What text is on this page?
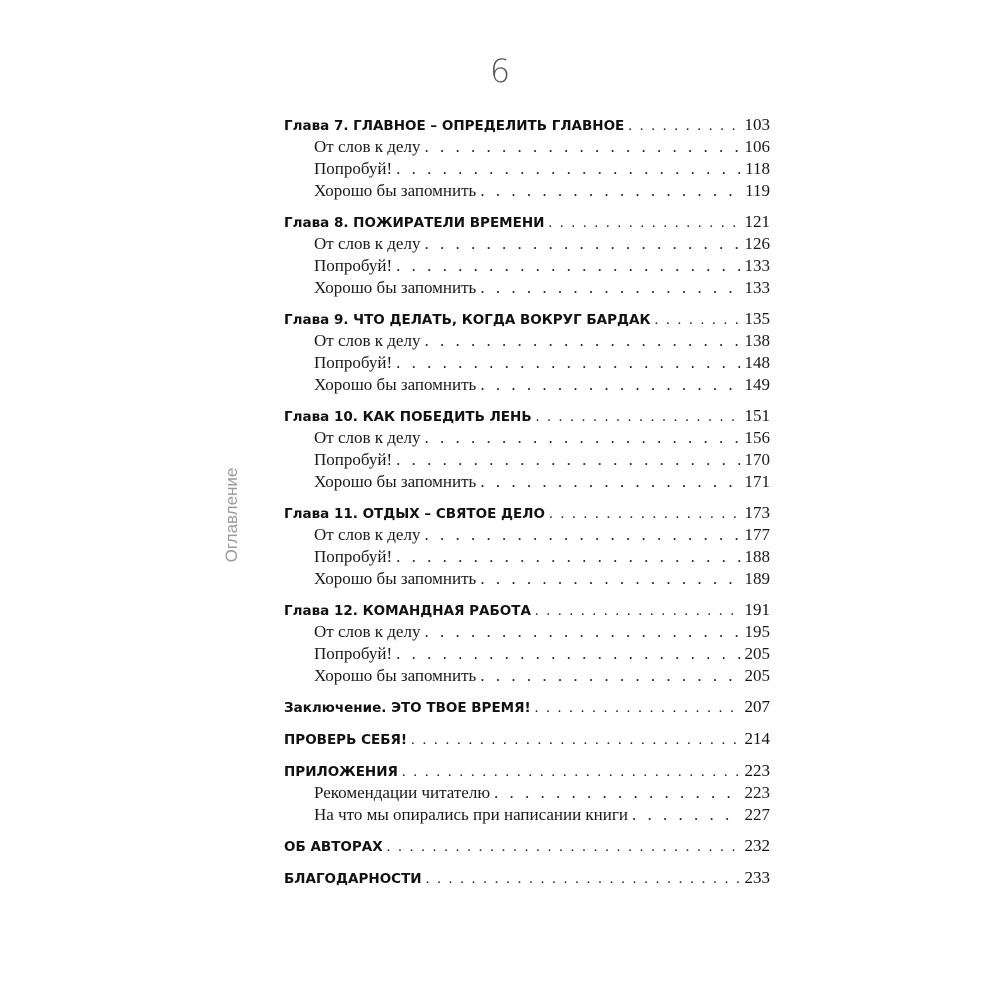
6
Оглавление
Глава 7. ГЛАВНОЕ – ОПРЕДЕЛИТЬ ГЛАВНОЕ . . .	103
От слов к делу . . .	106
Попробуй! . . .	118
Хорошо бы запомнить . . .	119
Глава 8. ПОЖИРАТЕЛИ ВРЕМЕНИ . . .	121
От слов к делу . . .	126
Попробуй! . . .	133
Хорошо бы запомнить . . .	133
Глава 9. ЧТО ДЕЛАТЬ, КОГДА ВОКРУГ БАРДАК . . .	135
От слов к делу . . .	138
Попробуй! . . .	148
Хорошо бы запомнить . . .	149
Глава 10. КАК ПОБЕДИТЬ ЛЕНЬ . . .	151
От слов к делу . . .	156
Попробуй! . . .	170
Хорошо бы запомнить . . .	171
Глава 11. ОТДЫХ – СВЯТОЕ ДЕЛО . . .	173
От слов к делу . . .	177
Попробуй! . . .	188
Хорошо бы запомнить . . .	189
Глава 12. КОМАНДНАЯ РАБОТА . . .	191
От слов к делу . . .	195
Попробуй! . . .	205
Хорошо бы запомнить . . .	205
Заключение. ЭТО ТВОЕ ВРЕМЯ! . . .	207
ПРОВЕРЬ СЕБЯ! . . .	214
ПРИЛОЖЕНИЯ . . .	223
Рекомендации читателю . . .	223
На что мы опирались при написании книги . . .	227
ОБ АВТОРАХ . . .	232
БЛАГОДАРНОСТИ . . .	233
